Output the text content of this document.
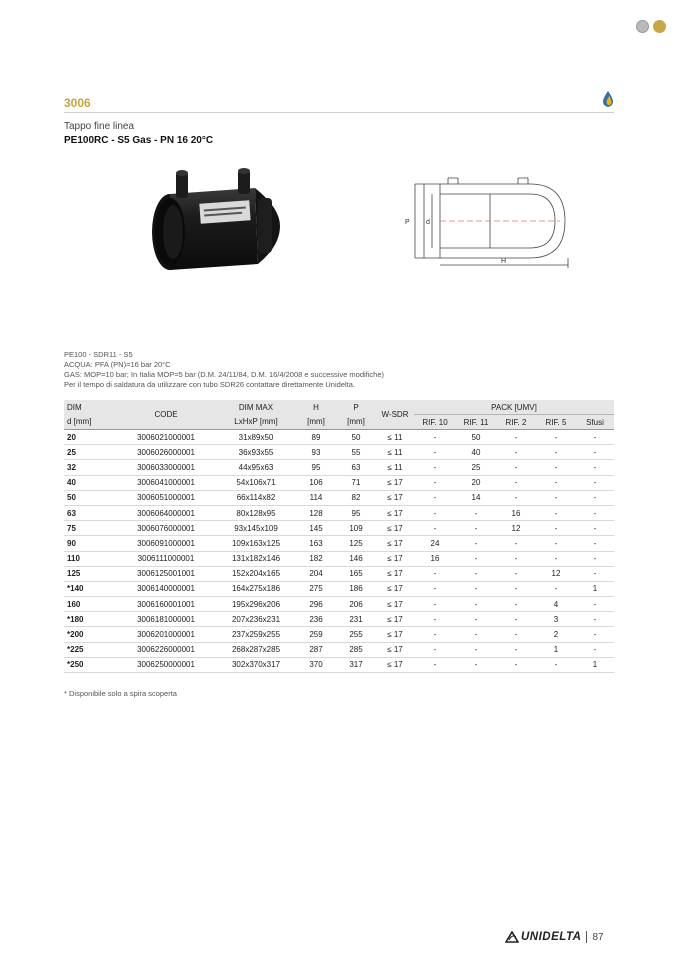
3006
Tappo fine linea
PE100RC - S5 Gas - PN 16 20°C
P d
H
PE100 - SDR11 - S5
ACQUA: PFA (PN)=16 bar 20°C
GAS: MOP=10 bar; In Italia MOP=5 bar (D.M. 24/11/84, D.M. 16/4/2008 e successive modifiche)
Per il tempo di saldatura da utilizzare con tubo SDR26 contattare direttamente Unidelta.
DIM	CODE	DIM MAX	H	P	W-SDR	PACK [UMV]				
d [mm]		LxHxP [mm]	[mm]	[mm]		RIF. 10	RIF. 11	RIF. 2	RIF. 5	Sfusi
20	3006021000001	31x89x50	89	50	≤ 11	-	50	-	-	-
25	3006026000001	36x93x55	93	55	≤ 11	-	40	-	-	-
32	3006033000001	44x95x63	95	63	≤ 11	-	25	-	-	-
40	3006041000001	54x106x71	106	71	≤ 17	-	20	-	-	-
50	3006051000001	66x114x82	114	82	≤ 17	-	14	-	-	-
63	3006064000001	80x128x95	128	95	≤ 17	-	-	16	-	-
75	3006076000001	93x145x109	145	109	≤ 17	-	-	12	-	-
90	3006091000001	109x163x125	163	125	≤ 17	24	-	-	-	-
110	3006111000001	131x182x146	182	146	≤ 17	16	-	-	-	-
125	3006125001001	152x204x165	204	165	≤ 17	-	-	-	12	-
*140	3006140000001	164x275x186	275	186	≤ 17	-	-	-	-	1
160	3006160001001	195x296x206	296	206	≤ 17	-	-	-	4	-
*180	3006181000001	207x236x231	236	231	≤ 17	-	-	-	3	-
*200	3006201000001	237x259x255	259	255	≤ 17	-	-	-	2	-
*225	3006226000001	268x287x285	287	285	≤ 17	-	-	-	1	-
*250	3006250000001	302x370x317	370	317	≤ 17	-	-	-	-	1
* Disponibile solo a spira scoperta
UNIDELTA 87
